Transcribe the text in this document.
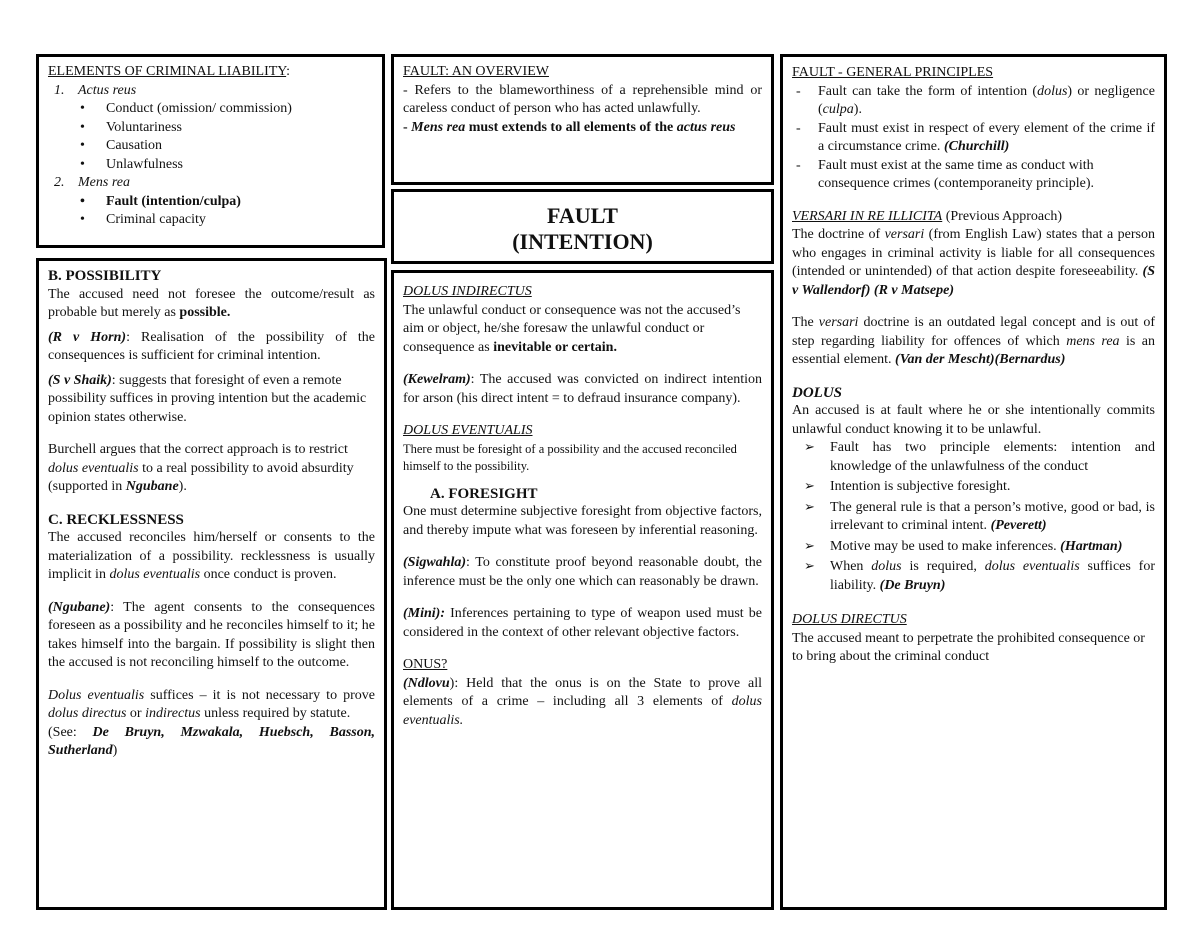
ELEMENTS OF CRIMINAL LIABILITY:

1. Actus reus
• Conduct (omission/ commission)
• Voluntariness
• Causation
• Unlawfulness
2. Mens rea
• Fault (intention/culpa)
• Criminal capacity

FAULT: AN OVERVIEW

- Refers to the blameworthiness of a reprehensible mind or careless conduct of person who has acted unlawfully.

- Mens rea must extends to all elements of the actus reus

FAULT

(INTENTION)

B. POSSIBILITY

The accused need not foresee the outcome/result as probable but merely as possible.

(R v Horn): Realisation of the possibility of the consequences is sufficient for criminal intention.

(S v Shaik): suggests that foresight of even a remote possibility suffices in proving intention but the academic opinion states otherwise.

Burchell argues that the correct approach is to restrict dolus eventualis to a real possibility to avoid absurdity (supported in Ngubane).

C. RECKLESSNESS

The accused reconciles him/herself or consents to the materialization of a possibility. recklessness is usually implicit in dolus eventualis once conduct is proven.

(Ngubane): The agent consents to the consequences foreseen as a possibility and he reconciles himself to it; he takes himself into the bargain. If possibility is slight then the accused is not reconciling himself to the outcome.

Dolus eventualis suffices – it is not necessary to prove dolus directus or indirectus unless required by statute.

(See: De Bruyn, Mzwakala, Huebsch, Basson, Sutherland)

DOLUS INDIRECTUS

The unlawful conduct or consequence was not the accused’s aim or object, he/she foresaw the unlawful conduct or consequence as inevitable or certain.

(Kewelram): The accused was convicted on indirect intention for arson (his direct intent = to defraud insurance company).

DOLUS EVENTUALIS

There must be foresight of a possibility and the accused reconciled himself to the possibility.

A. FORESIGHT

One must determine subjective foresight from objective factors, and thereby impute what was foreseen by inferential reasoning.

(Sigwahla): To constitute proof beyond reasonable doubt, the inference must be the only one which can reasonably be drawn.

(Mini): Inferences pertaining to type of weapon used must be considered in the context of other relevant objective factors.

ONUS?

(Ndlovu): Held that the onus is on the State to prove all elements of a crime – including all 3 elements of dolus eventualis.

FAULT - GENERAL PRINCIPLES

- Fault can take the form of intention (dolus) or negligence (culpa).
- Fault must exist in respect of every element of the crime if a circumstance crime. (Churchill)
- Fault must exist at the same time as conduct with consequence crimes (contemporaneity principle).

VERSARI IN RE ILLICITA (Previous Approach)

The doctrine of versari (from English Law) states that a person who engages in criminal activity is liable for all consequences (intended or unintended) of that action despite foreseeability. (S v Wallendorf) (R v Matsepe)

The versari doctrine is an outdated legal concept and is out of step regarding liability for offences of which mens rea is an essential element. (Van der Mescht)(Bernardus)

DOLUS

An accused is at fault where he or she intentionally commits unlawful conduct knowing it to be unlawful.

➢ Fault has two principle elements: intention and knowledge of the unlawfulness of the conduct
➢ Intention is subjective foresight.
➢ The general rule is that a person’s motive, good or bad, is irrelevant to criminal intent. (Peverett)
➢ Motive may be used to make inferences. (Hartman)
➢ When dolus is required, dolus eventualis suffices for liability. (De Bruyn)

DOLUS DIRECTUS

The accused meant to perpetrate the prohibited consequence or to bring about the criminal conduct
